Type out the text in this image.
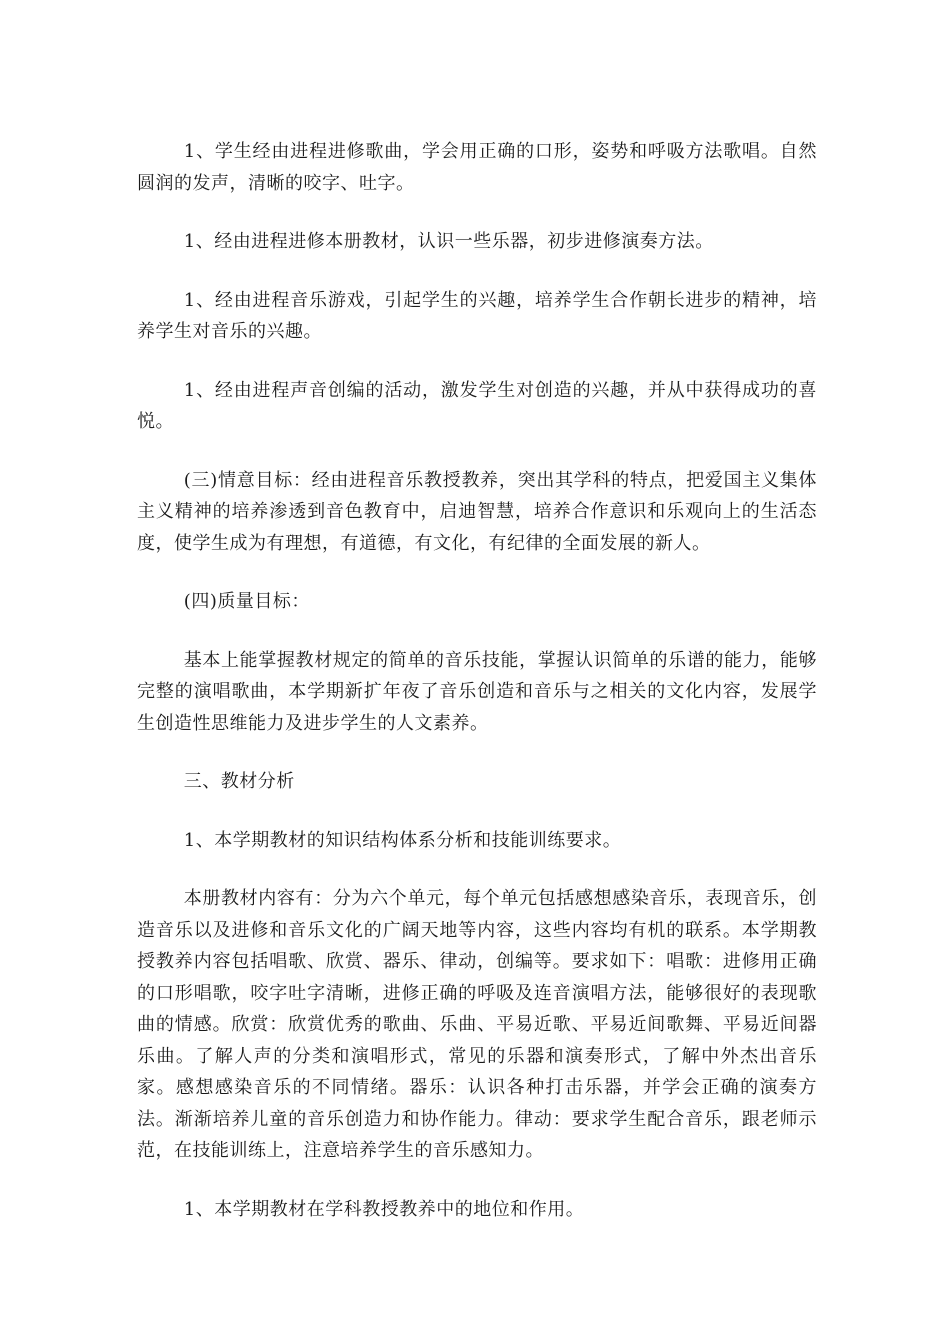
1、学生经由进程进修歌曲，学会用正确的口形，姿势和呼吸方法歌唱。自然圆润的发声，清晰的咬字、吐字。

1、经由进程进修本册教材，认识一些乐器，初步进修演奏方法。

1、经由进程音乐游戏，引起学生的兴趣，培养学生合作朝长进步的精神，培养学生对音乐的兴趣。

1、经由进程声音创编的活动，激发学生对创造的兴趣，并从中获得成功的喜悦。

(三)情意目标：经由进程音乐教授教养，突出其学科的特点，把爱国主义集体主义精神的培养渗透到音色教育中，启迪智慧，培养合作意识和乐观向上的生活态度，使学生成为有理想，有道德，有文化，有纪律的全面发展的新人。

(四)质量目标：

基本上能掌握教材规定的简单的音乐技能，掌握认识简单的乐谱的能力，能够完整的演唱歌曲，本学期新扩年夜了音乐创造和音乐与之相关的文化内容，发展学生创造性思维能力及进步学生的人文素养。

三、教材分析

1、本学期教材的知识结构体系分析和技能训练要求。

本册教材内容有：分为六个单元，每个单元包括感想感染音乐，表现音乐，创造音乐以及进修和音乐文化的广阔天地等内容，这些内容均有机的联系。本学期教授教养内容包括唱歌、欣赏、器乐、律动，创编等。要求如下：唱歌：进修用正确的口形唱歌，咬字吐字清晰，进修正确的呼吸及连音演唱方法，能够很好的表现歌曲的情感。欣赏：欣赏优秀的歌曲、乐曲、平易近歌、平易近间歌舞、平易近间器乐曲。了解人声的分类和演唱形式，常见的乐器和演奏形式，了解中外杰出音乐家。感想感染音乐的不同情绪。器乐：认识各种打击乐器，并学会正确的演奏方法。渐渐培养儿童的音乐创造力和协作能力。律动：要求学生配合音乐，跟老师示范，在技能训练上，注意培养学生的音乐感知力。

1、本学期教材在学科教授教养中的地位和作用。
